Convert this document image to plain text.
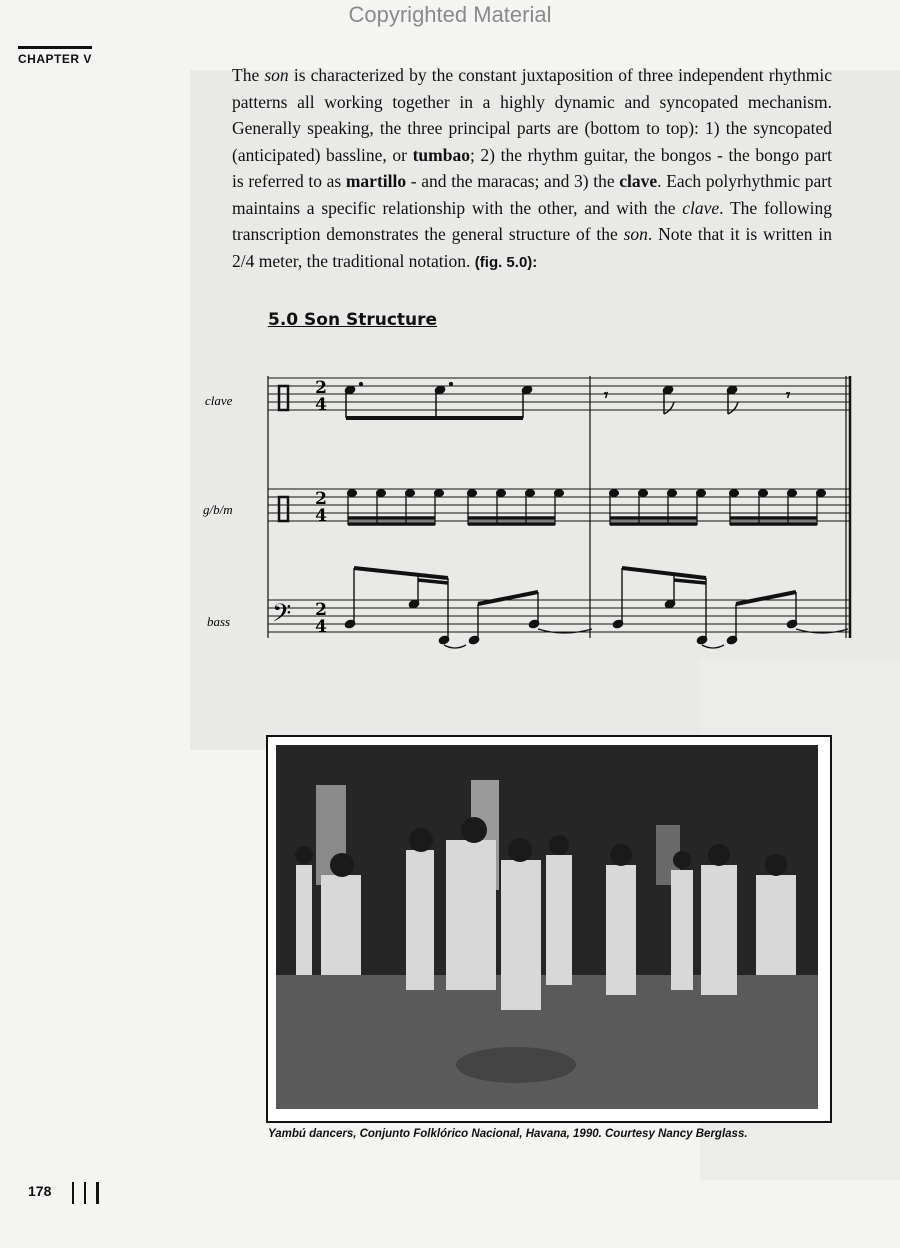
Copyrighted Material
CHAPTER V
The son is characterized by the constant juxtaposition of three independent rhythmic patterns all working together in a highly dynamic and syncopated mechanism. Generally speaking, the three principal parts are (bottom to top): 1) the syncopated (anticipated) bassline, or tumbao; 2) the rhythm guitar, the bongos - the bongo part is referred to as martillo - and the maracas; and 3) the clave. Each polyrhythmic part maintains a specific relationship with the other, and with the clave. The following transcription demonstrates the general structure of the son. Note that it is written in 2/4 meter, the traditional notation. (fig. 5.0):
5.0 Son Structure
clave
g/b/m
bass 𝄢
2
4
2
4
2
4
𝄾	𝄾
Yambú dancers, Conjunto Folklórico Nacional, Havana, 1990. Courtesy Nancy Berglass.
178
